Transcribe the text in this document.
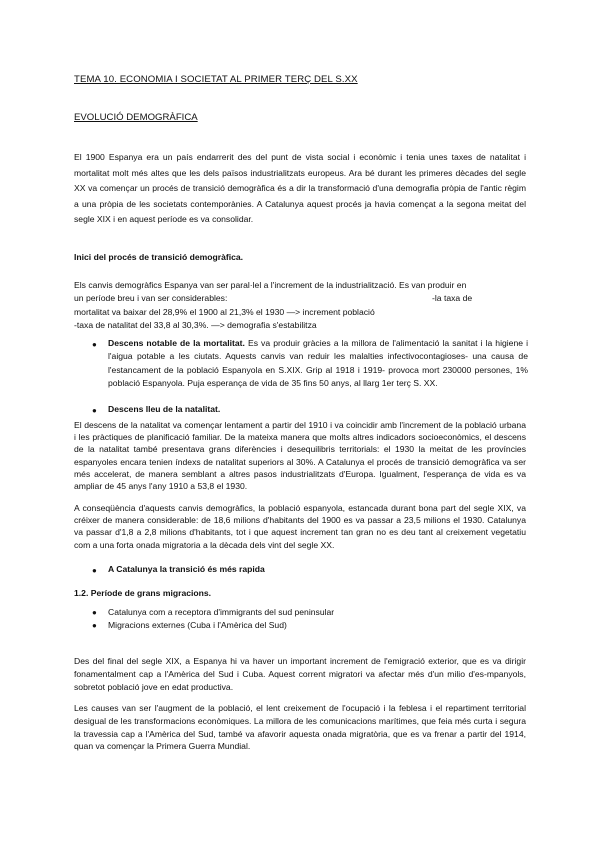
TEMA 10. ECONOMIA I SOCIETAT AL PRIMER TERÇ DEL S.XX
EVOLUCIÓ DEMOGRÀFICA
El 1900 Espanya era un país endarrerit des del punt de vista social i econòmic i tenia unes taxes de natalitat i mortalitat molt més altes que les dels països industrialitzats europeus. Ara bé durant les primeres dècades del segle XX va començar un procés de transició demogràfica és a dir la transformació d'una demografia pròpia de l'antic règim a una pròpia de les societats contemporànies. A Catalunya aquest procés ja havia començat a la segona meitat del segle XIX i en aquest període es va consolidar.
Inici del procés de transició demogràfica.
Els canvis demogràfics Espanya van ser paral·lel a l'increment de la industrialització. Es van produir en
un període breu i van ser considerables:	-la taxa de
mortalitat va baixar del 28,9% el 1900 al 21,3% el 1930 —> increment població
-taxa de natalitat del 33,8 al 30,3%. —> demografia s'estabilitza
●	Descens notable de la mortalitat. Es va produir gràcies a la millora de l'alimentació la sanitat i la higiene i l'aigua potable a les ciutats. Aquests canvis van reduir les malalties infectivocontagioses- una causa de l'estancament de la població Espanyola en S.XIX. Grip al 1918 i 1919- provoca mort 230000 persones, 1% població Espanyola. Puja esperança de vida de 35 fins 50 anys, al llarg 1er terç S. XX.
●	Descens lleu de la natalitat.
El descens de la natalitat va començar lentament a partir del 1910 i va coincidir amb l'increment de la població urbana i les pràctiques de planificació familiar. De la mateixa manera que molts altres indicadors socioeconòmics, el descens de la natalitat també presentava grans diferències i desequilibris territorials: el 1930 la meitat de les províncies espanyoles encara tenien índexs de natalitat superiors al 30%. A Catalunya el procés de transició demogràfica va ser més accelerat, de manera semblant a altres pasos industrialitzats d'Europa. Igualment, l'esperança de vida es va ampliar de 45 anys l'any 1910 a 53,8 el 1930.
A conseqüència d'aquests canvis demogràfics, la població espanyola, estancada durant bona part del segle XIX, va créixer de manera considerable: de 18,6 milions d'habitants del 1900 es va passar a 23,5 milions el 1930. Catalunya va passar d'1,8 a 2,8 milions d'habitants, tot i que aquest increment tan gran no es deu tant al creixement vegetatiu com a una forta onada migratoria a la dècada dels vint del segle XX.
●	A Catalunya la transició és més rapida
1.2. Període de grans migracions.
● Catalunya com a receptora d'immigrants del sud peninsular
● Migracions externes (Cuba i l'Amèrica del Sud)
Des del final del segle XIX, a Espanya hi va haver un important increment de l'emigració exterior, que es va dirigir fonamentalment cap a l'Amèrica del Sud i Cuba. Aquest corrent migratori va afectar més d'un milio d'es-mpanyols, sobretot població jove en edat productiva.
Les causes van ser l'augment de la població, el lent creixement de l'ocupació i la feblesa i el repartiment territorial desigual de les transformacions econòmiques. La millora de les comunicacions marítimes, que feia més curta i segura la travessia cap a l'Amèrica del Sud, també va afavorir aquesta onada migratòria, que es va frenar a partir del 1914, quan va començar la Primera Guerra Mundial.
